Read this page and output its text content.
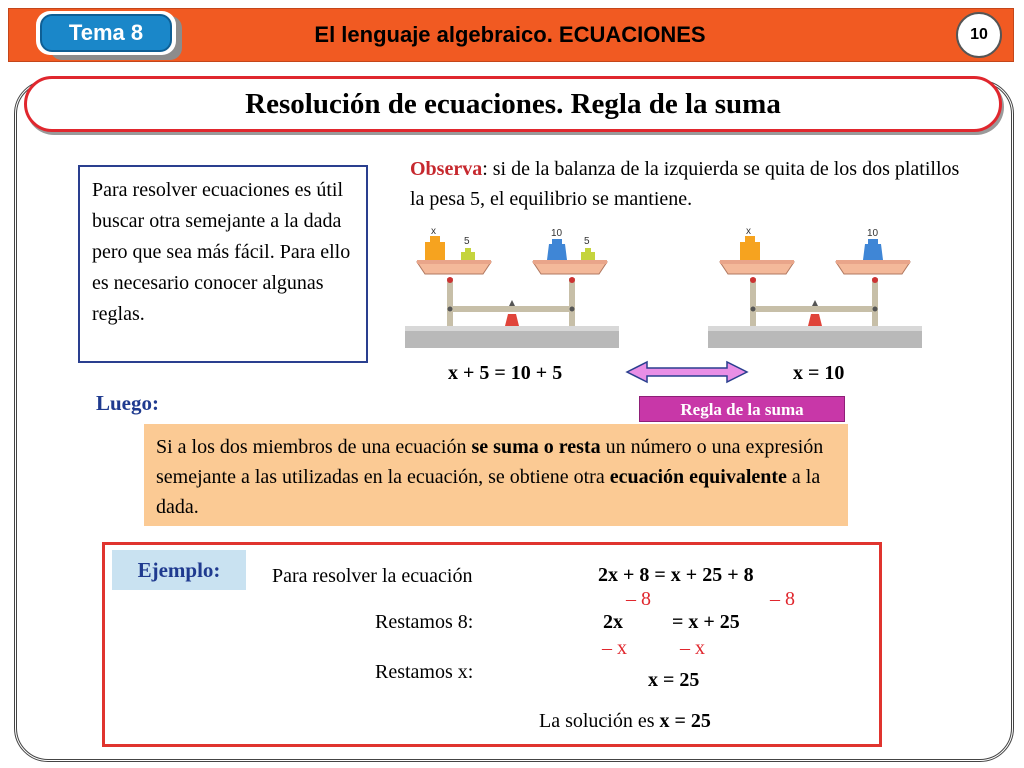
Tema 8	El lenguaje algebraico. ECUACIONES	10
Resolución de ecuaciones. Regla de la suma
Para resolver ecuaciones es útil buscar otra semejante a la dada pero que sea más fácil. Para ello es necesario conocer algunas reglas.
Observa: si de la balanza de la izquierda se quita de los dos platillos la pesa 5, el equilibrio se mantiene.
x
5
10
5
x	10
x + 5 = 10 + 5	x = 10
Luego:	Regla de la suma
Si a los dos miembros de una ecuación se suma o resta un número o una expresión semejante a las utilizadas en la ecuación, se obtiene otra ecuación equivalente a la dada.
Ejemplo:	Para resolver la ecuación	2x + 8 = x + 25 + 8
– 8	– 8
Restamos 8:	2x = x + 25
– x	– x
Restamos x:	x = 25
La solución es x = 25
